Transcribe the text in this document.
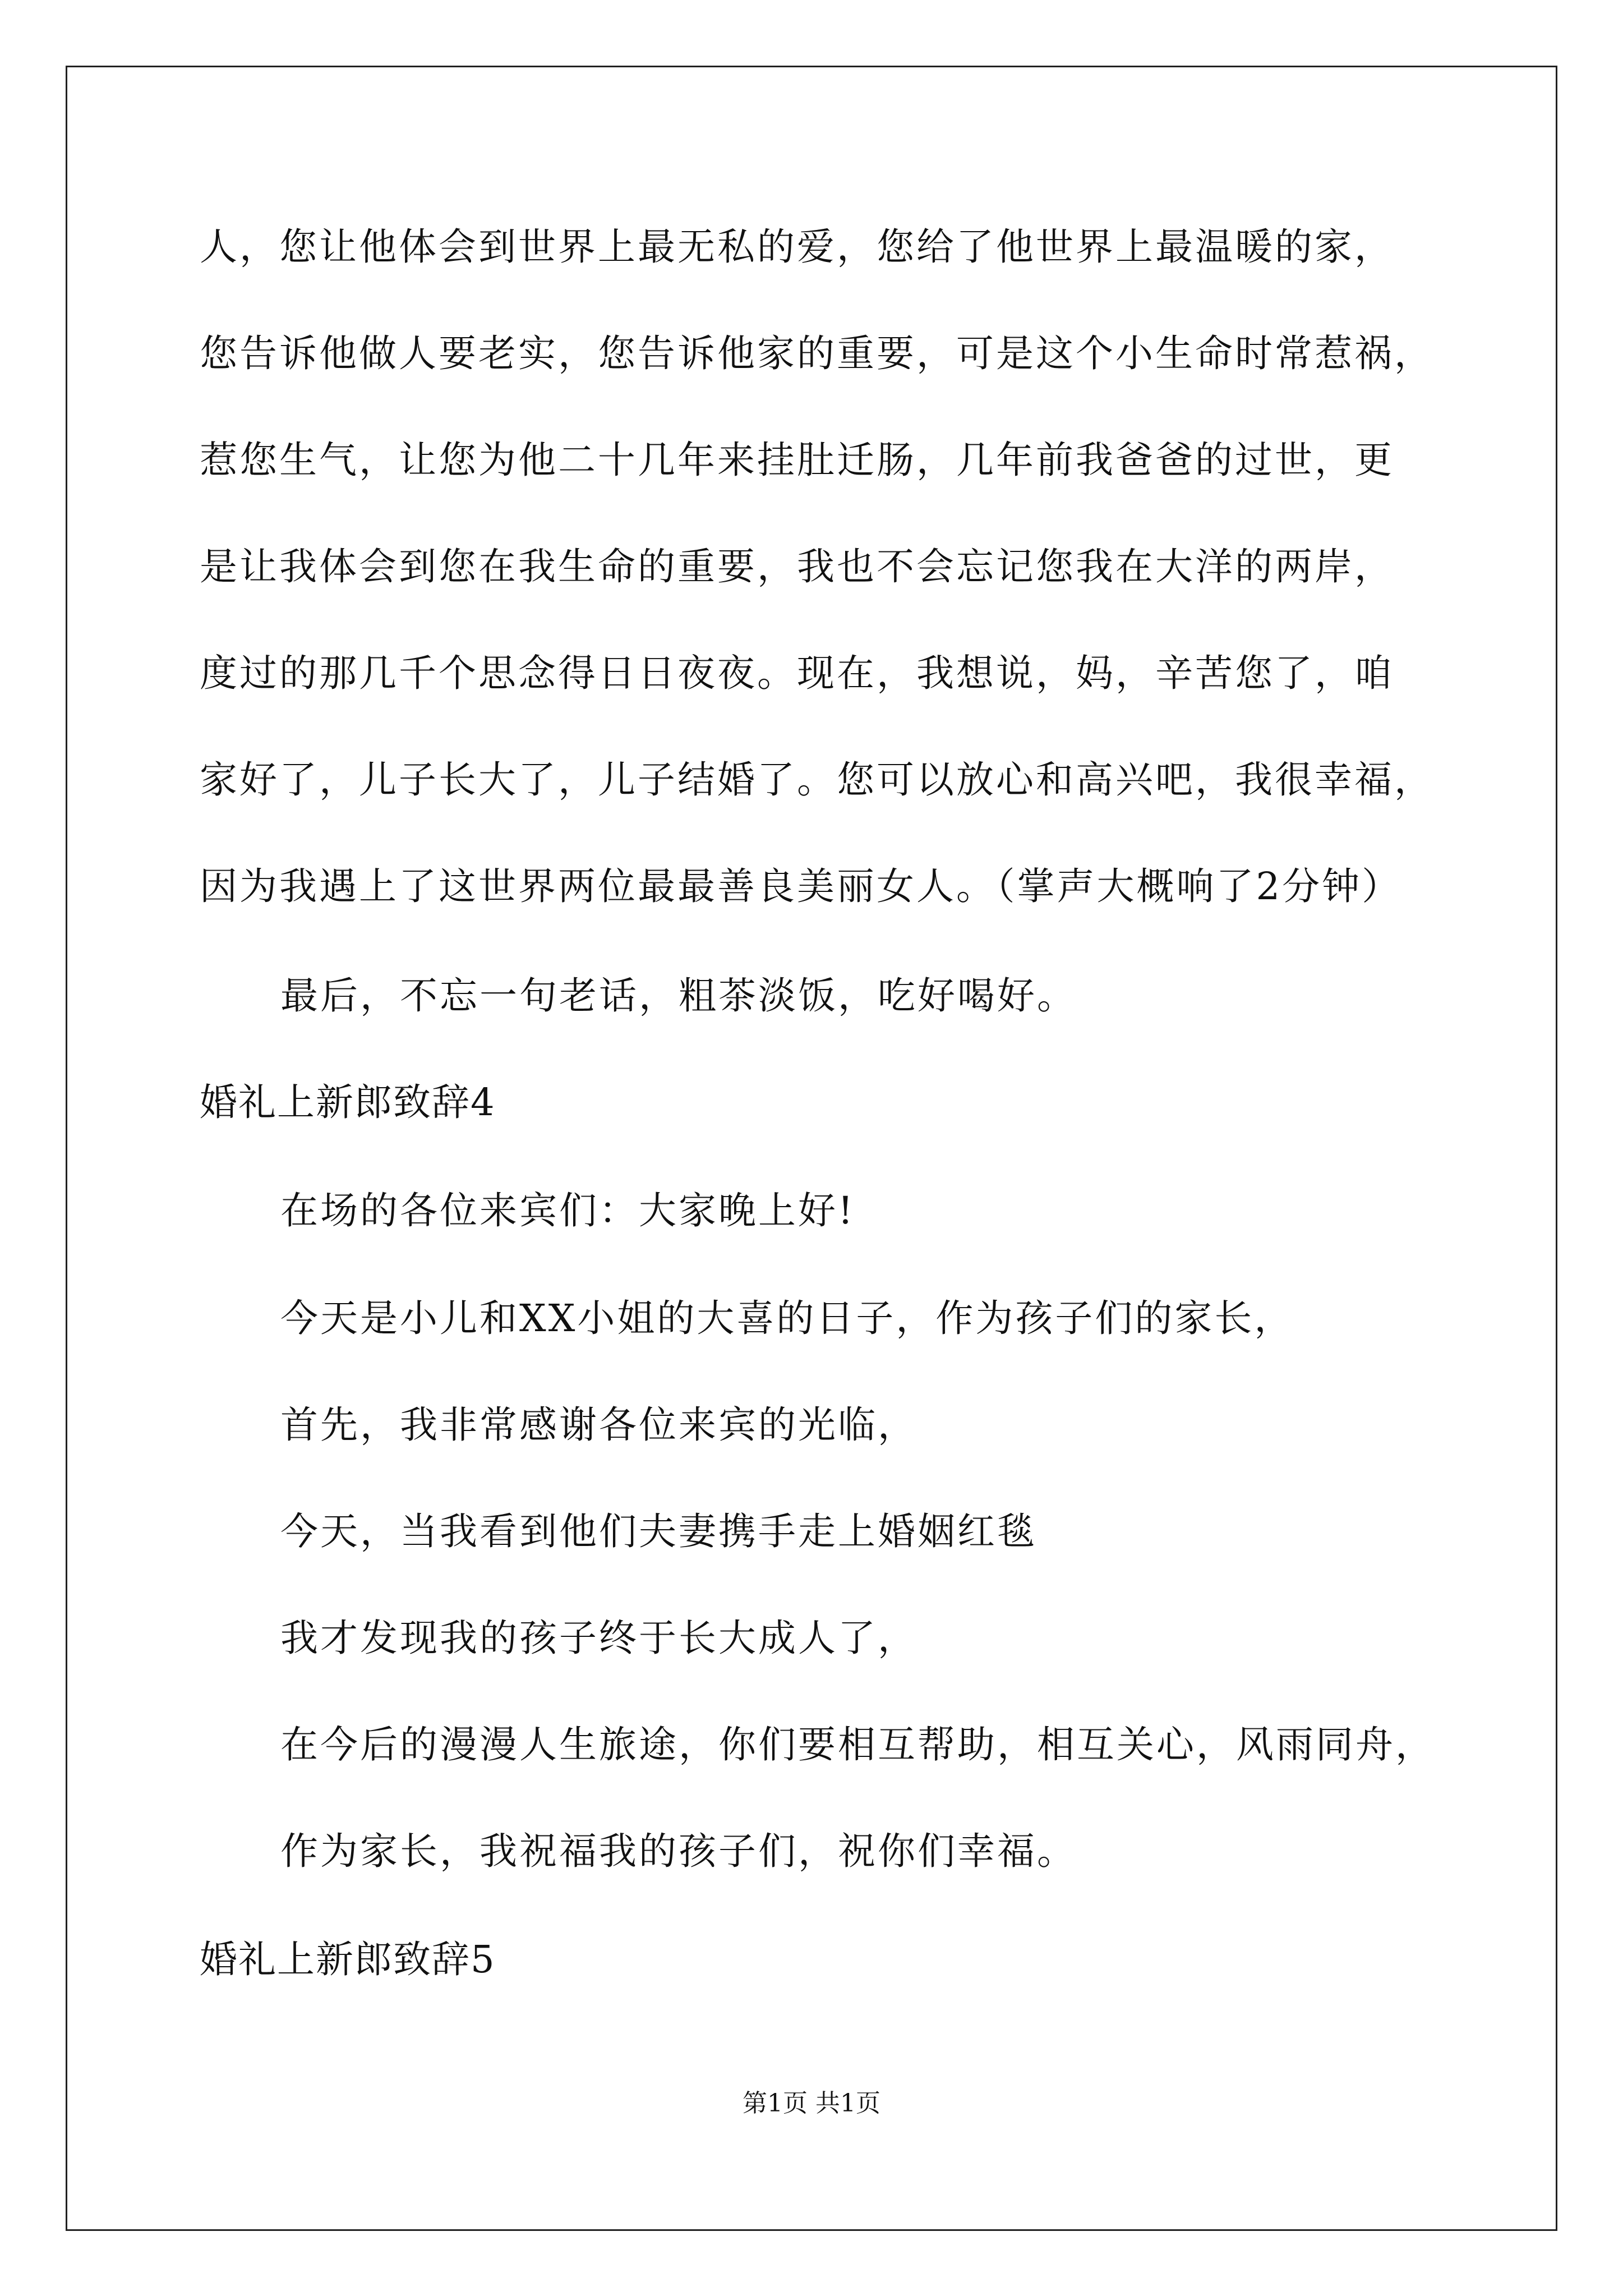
人，您让他体会到世界上最无私的爱，您给了他世界上最温暖的家，
您告诉他做人要老实，您告诉他家的重要，可是这个小生命时常惹祸，
惹您生气，让您为他二十几年来挂肚迁肠，几年前我爸爸的过世，更
是让我体会到您在我生命的重要，我也不会忘记您我在大洋的两岸，
度过的那几千个思念得日日夜夜。现在，我想说，妈，辛苦您了，咱
家好了，儿子长大了，儿子结婚了。您可以放心和高兴吧，我很幸福，
因为我遇上了这世界两位最最善良美丽女人。（掌声大概响了2分钟）
最后，不忘一句老话，粗茶淡饭，吃好喝好。
婚礼上新郎致辞4
在场的各位来宾们：大家晚上好!
今天是小儿和XX小姐的大喜的日子，作为孩子们的家长，
首先，我非常感谢各位来宾的光临，
今天，当我看到他们夫妻携手走上婚姻红毯
我才发现我的孩子终于长大成人了，
在今后的漫漫人生旅途，你们要相互帮助，相互关心，风雨同舟，
作为家长，我祝福我的孩子们，祝你们幸福。
婚礼上新郎致辞5
第1页 共1页
